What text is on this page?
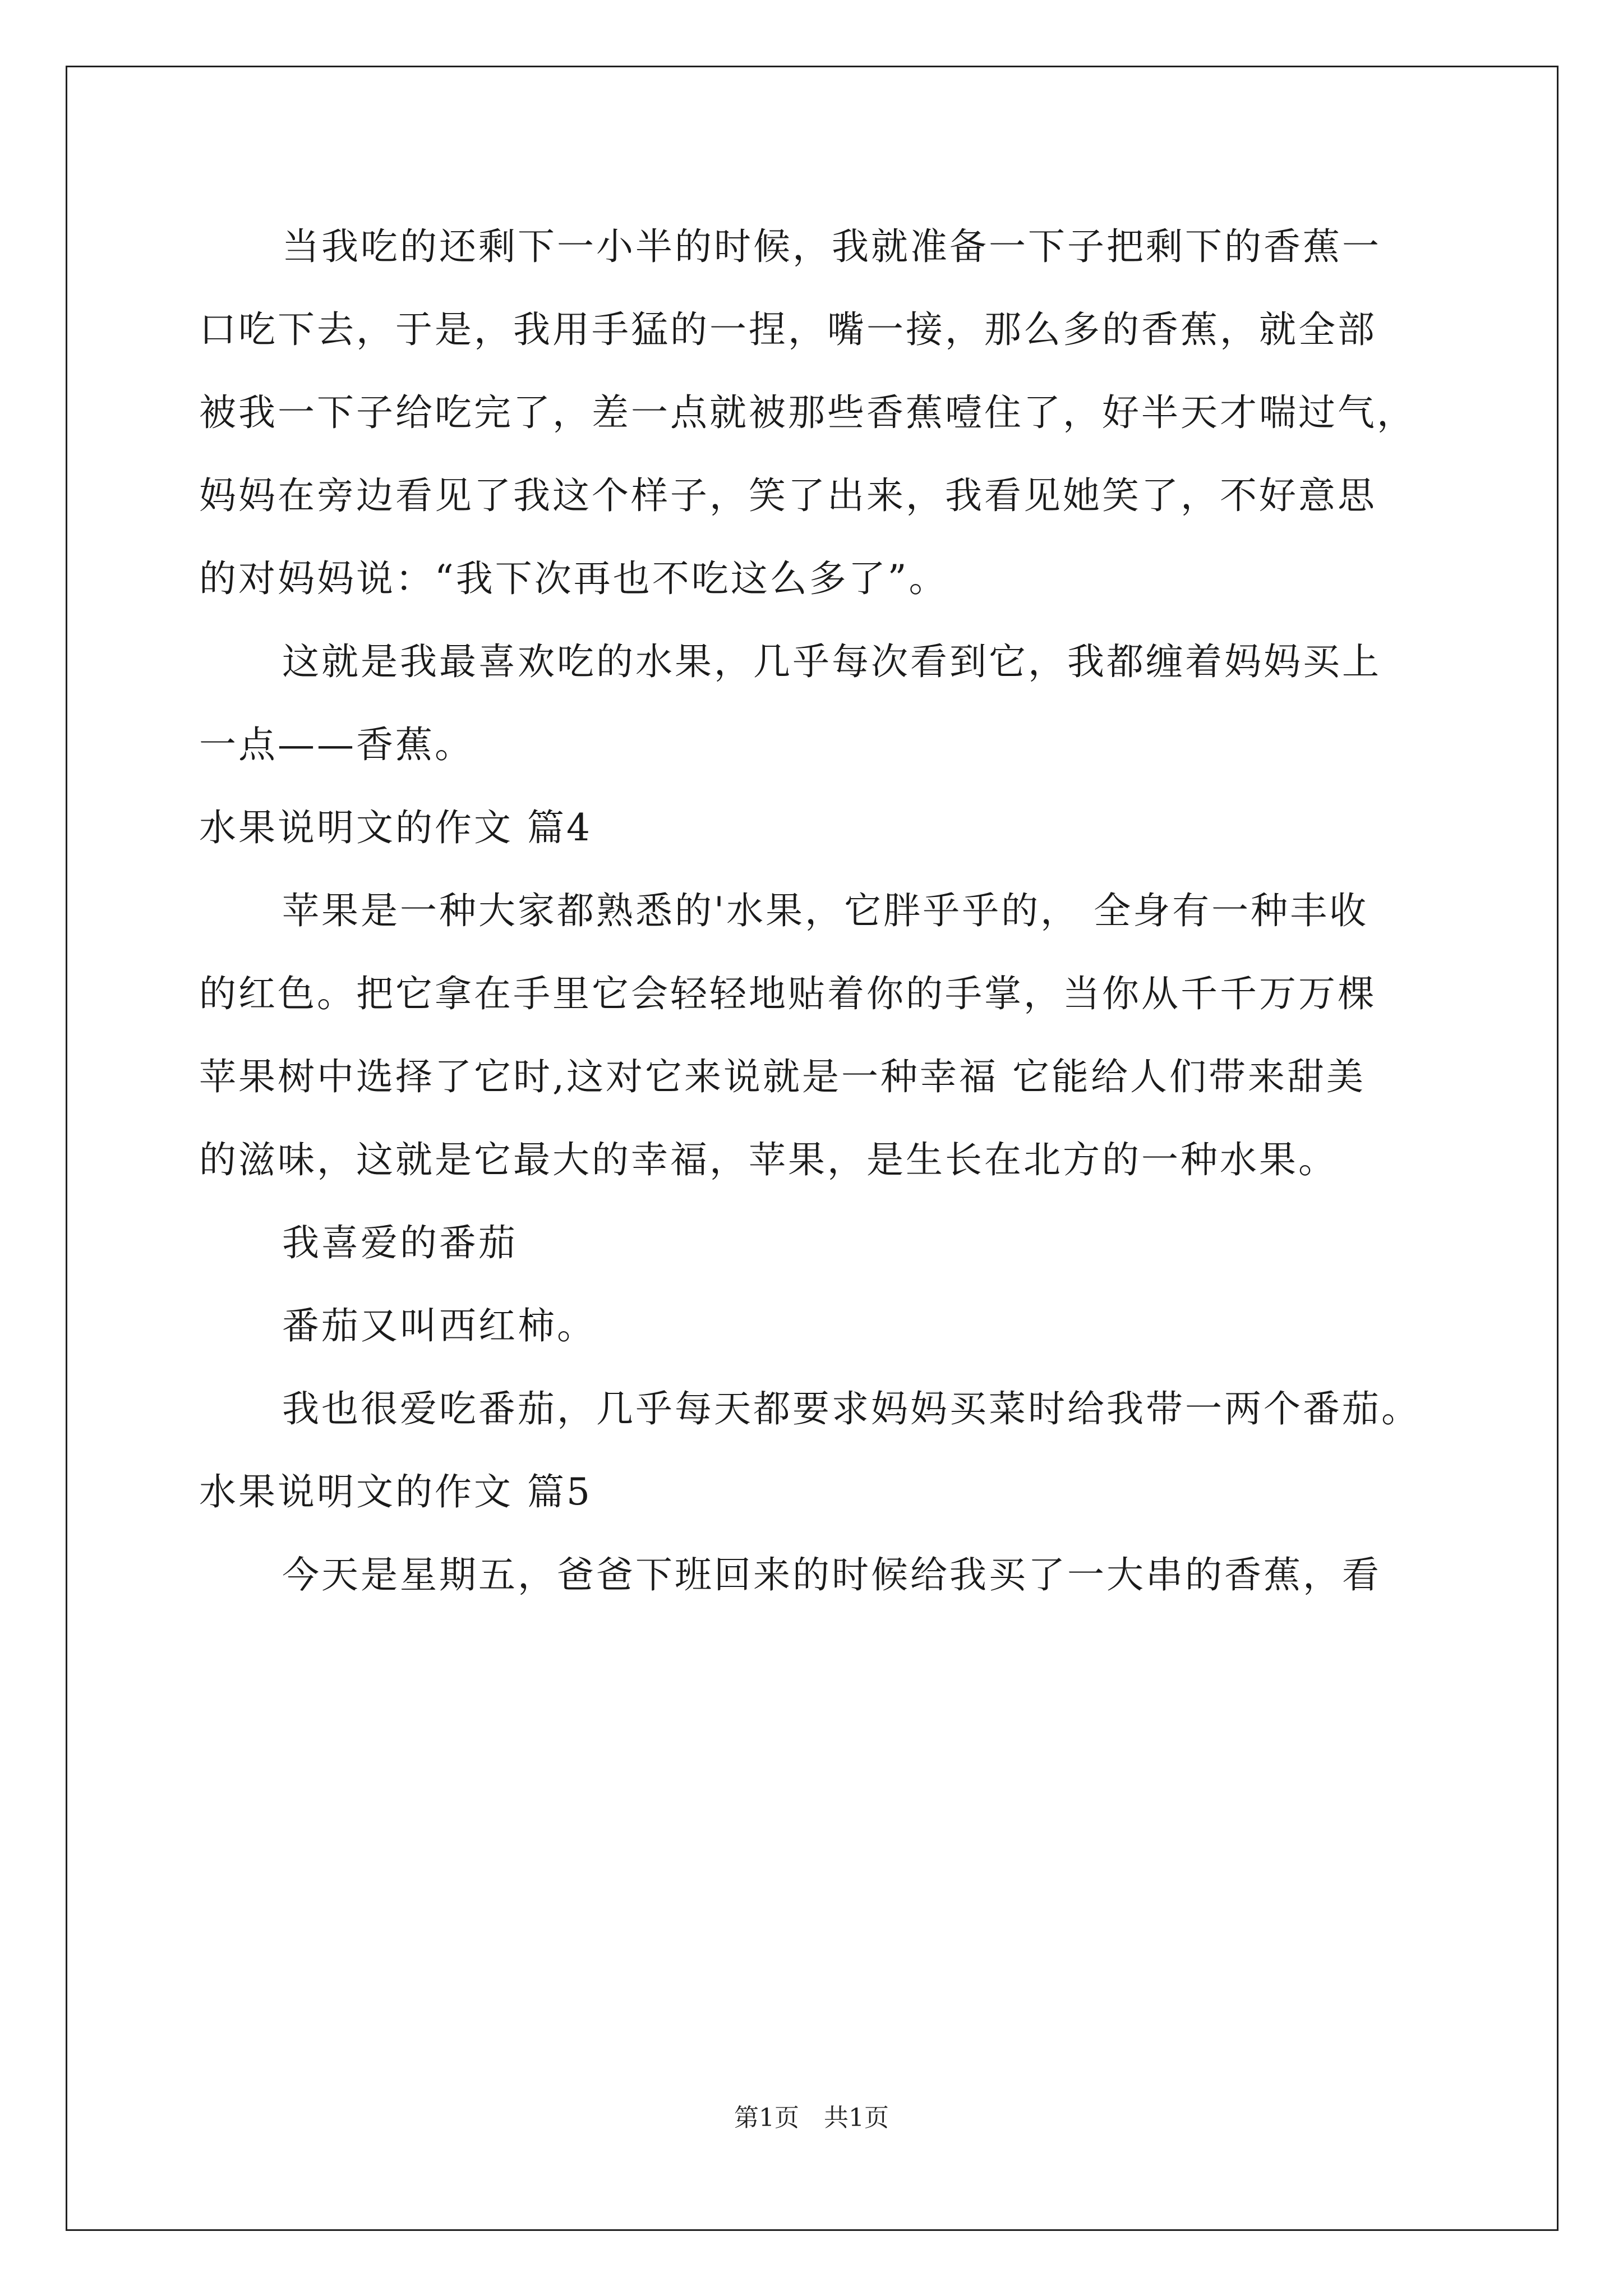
当我吃的还剩下一小半的时候，我就准备一下子把剩下的香蕉一
口吃下去，于是，我用手猛的一捏，嘴一接，那么多的香蕉，就全部
被我一下子给吃完了，差一点就被那些香蕉噎住了，好半天才喘过气，
妈妈在旁边看见了我这个样子，笑了出来，我看见她笑了，不好意思
的对妈妈说：“我下次再也不吃这么多了”。
这就是我最喜欢吃的水果，几乎每次看到它，我都缠着妈妈买上
一点——香蕉。
水果说明文的作文 篇4
苹果是一种大家都熟悉的'水果，它胖乎乎的， 全身有一种丰收
的红色。把它拿在手里它会轻轻地贴着你的手掌，当你从千千万万棵
苹果树中选择了它时,这对它来说就是一种幸福 它能给人们带来甜美
的滋味，这就是它最大的幸福，苹果，是生长在北方的一种水果。
我喜爱的番茄
番茄又叫西红柿。
我也很爱吃番茄，几乎每天都要求妈妈买菜时给我带一两个番茄。
水果说明文的作文 篇5
今天是星期五，爸爸下班回来的时候给我买了一大串的香蕉，看
第1页　共1页
